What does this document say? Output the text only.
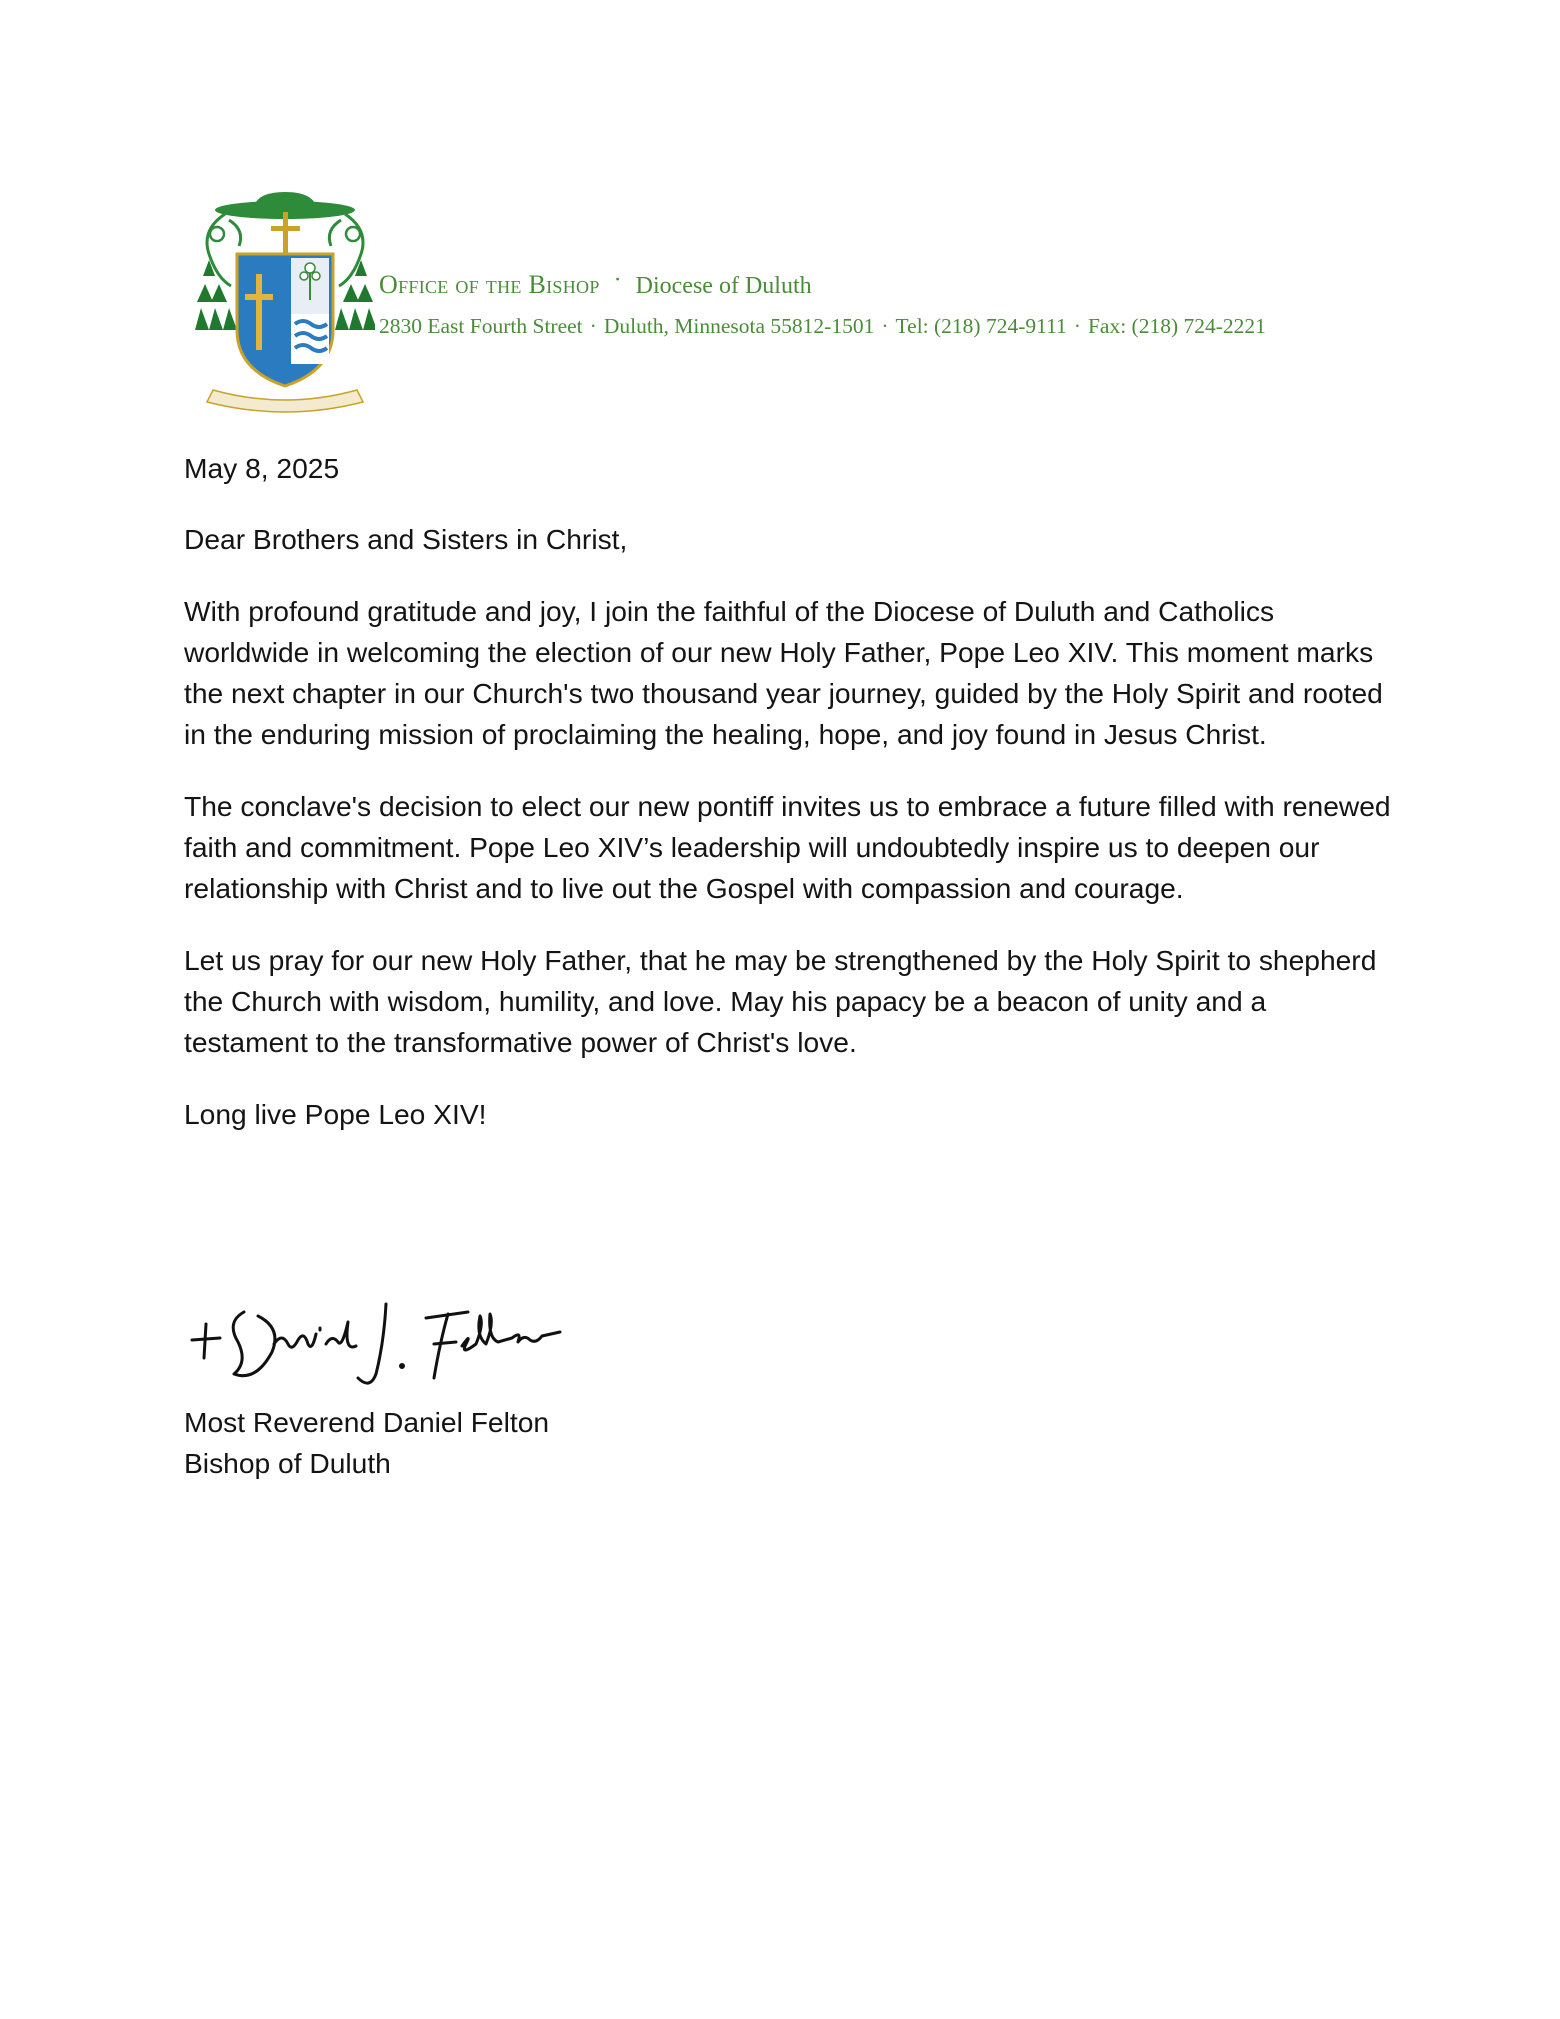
Office of the Bishop · Diocese of Duluth
2830 East Fourth Street · Duluth, Minnesota 55812-1501 · Tel: (218) 724-9111 · Fax: (218) 724-2221

May 8, 2025

Dear Brothers and Sisters in Christ,

With profound gratitude and joy, I join the faithful of the Diocese of Duluth and Catholics worldwide in welcoming the election of our new Holy Father, Pope Leo XIV. This moment marks the next chapter in our Church's two thousand year journey, guided by the Holy Spirit and rooted in the enduring mission of proclaiming the healing, hope, and joy found in Jesus Christ.

The conclave's decision to elect our new pontiff invites us to embrace a future filled with renewed faith and commitment. Pope Leo XIV’s leadership will undoubtedly inspire us to deepen our relationship with Christ and to live out the Gospel with compassion and courage.

Let us pray for our new Holy Father, that he may be strengthened by the Holy Spirit to shepherd the Church with wisdom, humility, and love. May his papacy be a beacon of unity and a testament to the transformative power of Christ's love.

Long live Pope Leo XIV!

Most Reverend Daniel Felton
Bishop of Duluth
